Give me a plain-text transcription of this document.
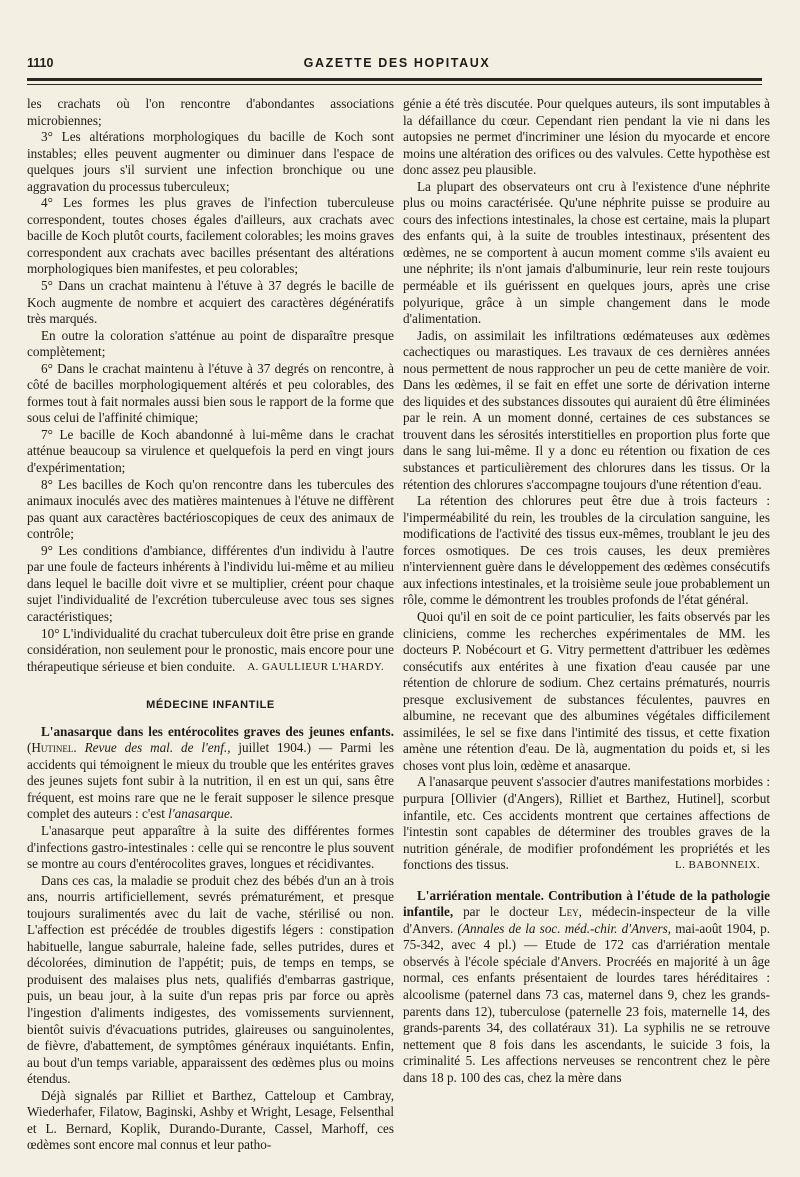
1110	GAZETTE DES HOPITAUX

les crachats où l'on rencontre d'abondantes associations microbiennes;

3° Les altérations morphologiques du bacille de Koch sont instables; elles peuvent augmenter ou diminuer dans l'espace de quelques jours s'il survient une infection bronchique ou une aggravation du processus tuberculeux;

4° Les formes les plus graves de l'infection tuberculeuse correspondent, toutes choses égales d'ailleurs, aux crachats avec bacille de Koch plutôt courts, facilement colorables; les moins graves correspondent aux crachats avec bacilles présentant des altérations morphologiques bien manifestes, et peu colorables;

5° Dans un crachat maintenu à l'étuve à 37 degrés le bacille de Koch augmente de nombre et acquiert des caractères dégénératifs très marqués.

En outre la coloration s'atténue au point de disparaître presque complètement;

6° Dans le crachat maintenu à l'étuve à 37 degrés on rencontre, à côté de bacilles morphologiquement altérés et peu colorables, des formes tout à fait normales aussi bien sous le rapport de la forme que sous celui de l'affinité chimique;

7° Le bacille de Koch abandonné à lui-même dans le crachat atténue beaucoup sa virulence et quelquefois la perd en vingt jours d'expérimentation;

8° Les bacilles de Koch qu'on rencontre dans les tubercules des animaux inoculés avec des matières maintenues à l'étuve ne diffèrent pas quant aux caractères bactérioscopiques de ceux des animaux de contrôle;

9° Les conditions d'ambiance, différentes d'un individu à l'autre par une foule de facteurs inhérents à l'individu lui-même et au milieu dans lequel le bacille doit vivre et se multiplier, créent pour chaque sujet l'individualité de l'excrétion tuberculeuse avec tous ses signes caractéristiques;

10° L'individualité du crachat tuberculeux doit être prise en grande considération, non seulement pour le pronostic, mais encore pour une thérapeutique sérieuse et bien conduite.	A. GAULLIEUR L'HARDY.
MÉDECINE INFANTILE

L'anasarque dans les entérocolites graves des jeunes enfants. (Hutinel. Revue des mal. de l'enf., juillet 1904.) — Parmi les accidents qui témoignent le mieux du trouble que les entérites graves des jeunes sujets font subir à la nutrition, il en est un qui, sans être fréquent, est moins rare que ne le ferait supposer le silence presque complet des auteurs : c'est l'anasarque.

L'anasarque peut apparaître à la suite des différentes formes d'infections gastro-intestinales : celle qui se rencontre le plus souvent se montre au cours d'entérocolites graves, longues et récidivantes.

Dans ces cas, la maladie se produit chez des bébés d'un an à trois ans, nourris artificiellement, sevrés prématurément, et presque toujours suralimentés avec du lait de vache, stérilisé ou non. L'affection est précédée de troubles digestifs légers : constipation habituelle, langue saburrale, haleine fade, selles putrides, dures et décolorées, diminution de l'appétit; puis, de temps en temps, se produisent des malaises plus nets, qualifiés d'embarras gastrique, puis, un beau jour, à la suite d'un repas pris par force ou après l'ingestion d'aliments indigestes, des vomissements surviennent, bientôt suivis d'évacuations putrides, glaireuses ou sanguinolentes, de fièvre, d'abattement, de symptômes généraux inquiétants. Enfin, au bout d'un temps variable, apparaissent des œdèmes plus ou moins étendus.

Déjà signalés par Rilliet et Barthez, Catteloup et Cambray, Wiederhafer, Filatow, Baginski, Ashby et Wright, Lesage, Felsenthal et L. Bernard, Koplik, Durando-Durante, Cassel, Marhoff, ces œdèmes sont encore mal connus et leur patho-

génie a été très discutée. Pour quelques auteurs, ils sont imputables à la défaillance du cœur. Cependant rien pendant la vie ni dans les autopsies ne permet d'incriminer une lésion du myocarde et encore moins une altération des orifices ou des valvules. Cette hypothèse est donc assez peu plausible.

La plupart des observateurs ont cru à l'existence d'une néphrite plus ou moins caractérisée. Qu'une néphrite puisse se produire au cours des infections intestinales, la chose est certaine, mais la plupart des enfants qui, à la suite de troubles intestinaux, présentent des œdèmes, ne se comportent à aucun moment comme s'ils avaient eu une néphrite; ils n'ont jamais d'albuminurie, leur rein reste toujours perméable et ils guérissent en quelques jours, après une crise polyurique, grâce à un simple changement dans le mode d'alimentation.

Jadis, on assimilait les infiltrations œdémateuses aux œdèmes cachectiques ou marastiques. Les travaux de ces dernières années nous permettent de nous rapprocher un peu de cette manière de voir. Dans les œdèmes, il se fait en effet une sorte de dérivation interne des liquides et des substances dissoutes qui auraient dû être éliminées par le rein. A un moment donné, certaines de ces substances se trouvent dans les sérosités interstitielles en proportion plus forte que dans le sang lui-même. Il y a donc eu rétention ou fixation de ces substances et particulièrement des chlorures dans les tissus. Or la rétention des chlorures s'accompagne toujours d'une rétention d'eau.

La rétention des chlorures peut être due à trois facteurs : l'imperméabilité du rein, les troubles de la circulation sanguine, les modifications de l'activité des tissus eux-mêmes, troublant le jeu des forces osmotiques. De ces trois causes, les deux premières n'interviennent guère dans le développement des œdèmes consécutifs aux infections intestinales, et la troisième seule joue probablement un rôle, comme le démontrent les troubles profonds de l'état général.

Quoi qu'il en soit de ce point particulier, les faits observés par les cliniciens, comme les recherches expérimentales de MM. les docteurs P. Nobécourt et G. Vitry permettent d'attribuer les œdèmes consécutifs aux entérites à une fixation d'eau causée par une rétention de chlorure de sodium. Chez certains prématurés, nourris presque exclusivement de substances féculentes, pauvres en albumine, ne recevant que des albumines végétales difficilement assimilées, le sel se fixe dans l'intimité des tissus, et cette fixation amène une rétention d'eau. De là, augmentation du poids et, si les choses vont plus loin, œdème et anasarque.

A l'anasarque peuvent s'associer d'autres manifestations morbides : purpura [Ollivier (d'Angers), Rilliet et Barthez, Hutinel], scorbut infantile, etc. Ces accidents montrent que certaines affections de l'intestin sont capables de déterminer des troubles graves de la nutrition générale, de modifier profondément les propriétés et les fonctions des tissus.	L. BABONNEIX.

L'arriération mentale. Contribution à l'étude de la pathologie infantile, par le docteur Ley, médecin-inspecteur de la ville d'Anvers. (Annales de la soc. méd.-chir. d'Anvers, mai-août 1904, p. 75-342, avec 4 pl.) — Etude de 172 cas d'arriération mentale observés à l'école spéciale d'Anvers. Procréés en majorité à un âge normal, ces enfants présentaient de lourdes tares héréditaires : alcoolisme (paternel dans 73 cas, maternel dans 9, chez les grands-parents dans 12), tuberculose (paternelle 23 fois, maternelle 14, des grands-parents 34, des collatéraux 31). La syphilis ne se retrouve nettement que 8 fois dans les ascendants, le suicide 3 fois, la criminalité 5. Les affections nerveuses se rencontrent chez le père dans 18 p. 100 des cas, chez la mère dans
